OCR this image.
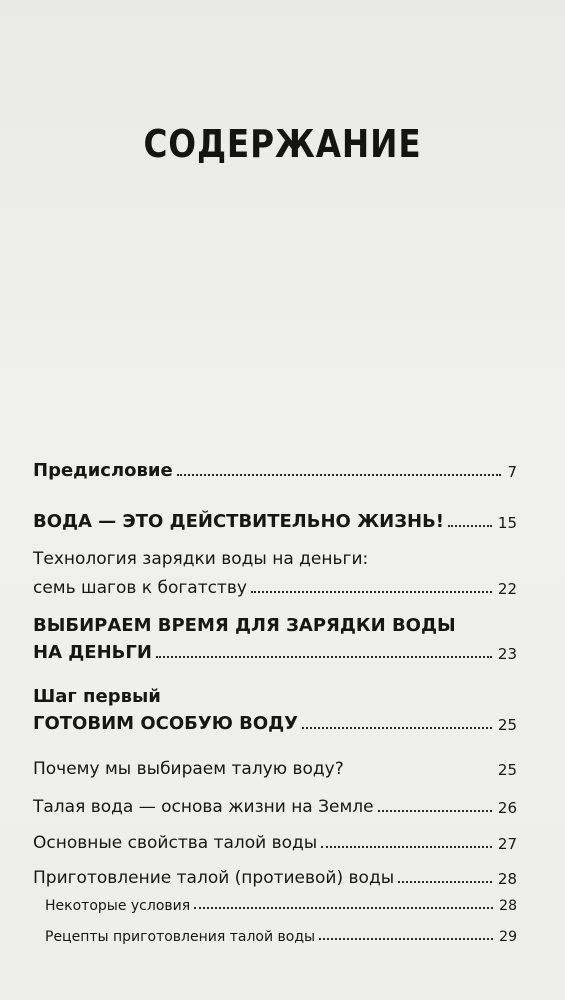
СОДЕРЖАНИЕ
Предисловие	7
ВОДА — ЭТО ДЕЙСТВИТЕЛЬНО ЖИЗНЬ!	15
Технология зарядки воды на деньги:
семь шагов к богатству	22
ВЫБИРАЕМ ВРЕМЯ ДЛЯ ЗАРЯДКИ ВОДЫ
НА ДЕНЬГИ	23
Шаг первый
ГОТОВИМ ОСОБУЮ ВОДУ	25
Почему мы выбираем талую воду?	25
Талая вода — основа жизни на Земле	26
Основные свойства талой воды	27
Приготовление талой (протиевой) воды	28
Некоторые условия	28
Рецепты приготовления талой воды	29
